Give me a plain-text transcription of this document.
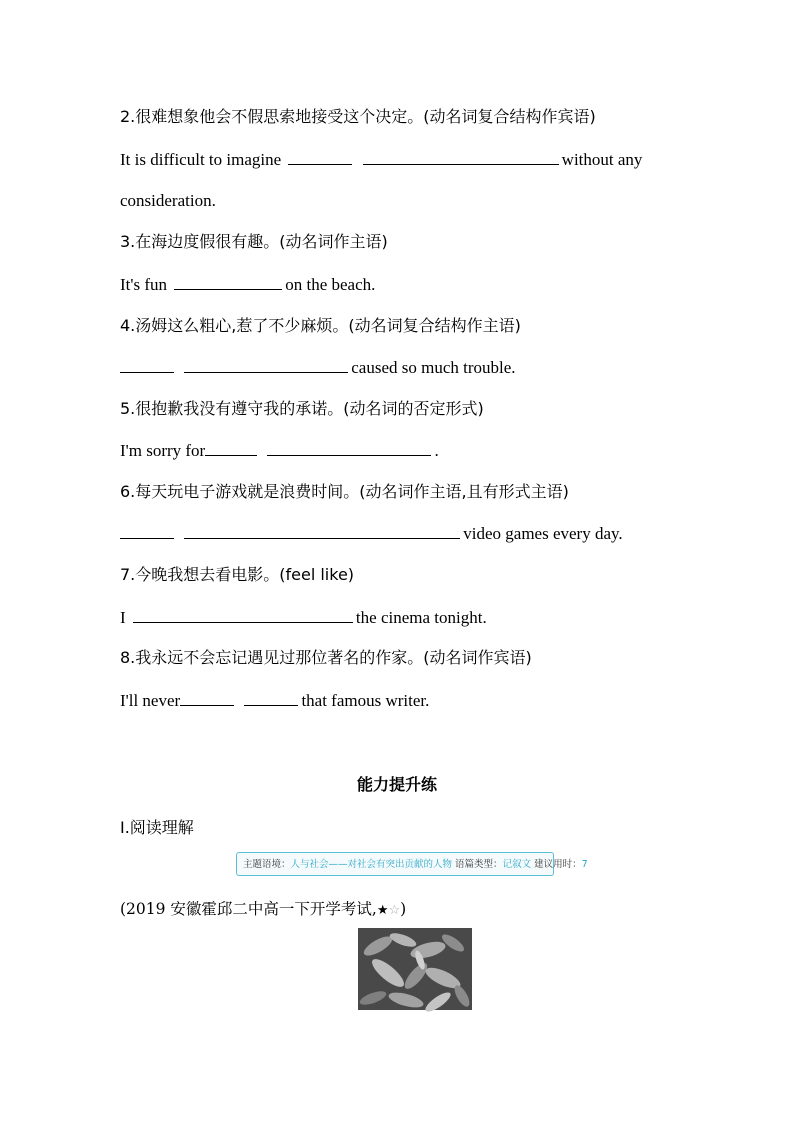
2.很难想象他会不假思索地接受这个决定。(动名词复合结构作宾语)
It is difficult to imagine	without any
consideration.
3.在海边度假很有趣。(动名词作主语)
It's fun	on the beach.
4.汤姆这么粗心,惹了不少麻烦。(动名词复合结构作主语)
caused so much trouble.
5.很抱歉我没有遵守我的承诺。(动名词的否定形式)
I'm sorry for	.
6.每天玩电子游戏就是浪费时间。(动名词作主语,且有形式主语)
video games every day.
7.今晚我想去看电影。(feel like)
I	the cinema tonight.
8.我永远不会忘记遇见过那位著名的作家。(动名词作宾语)
I'll never	that famous writer.
能力提升练
Ⅰ.阅读理解
主题语境：人与社会——对社会有突出贡献的人物 语篇类型：记叙文 建议用时：7
(2019 安徽霍邱二中高一下开学考试,★☆)
